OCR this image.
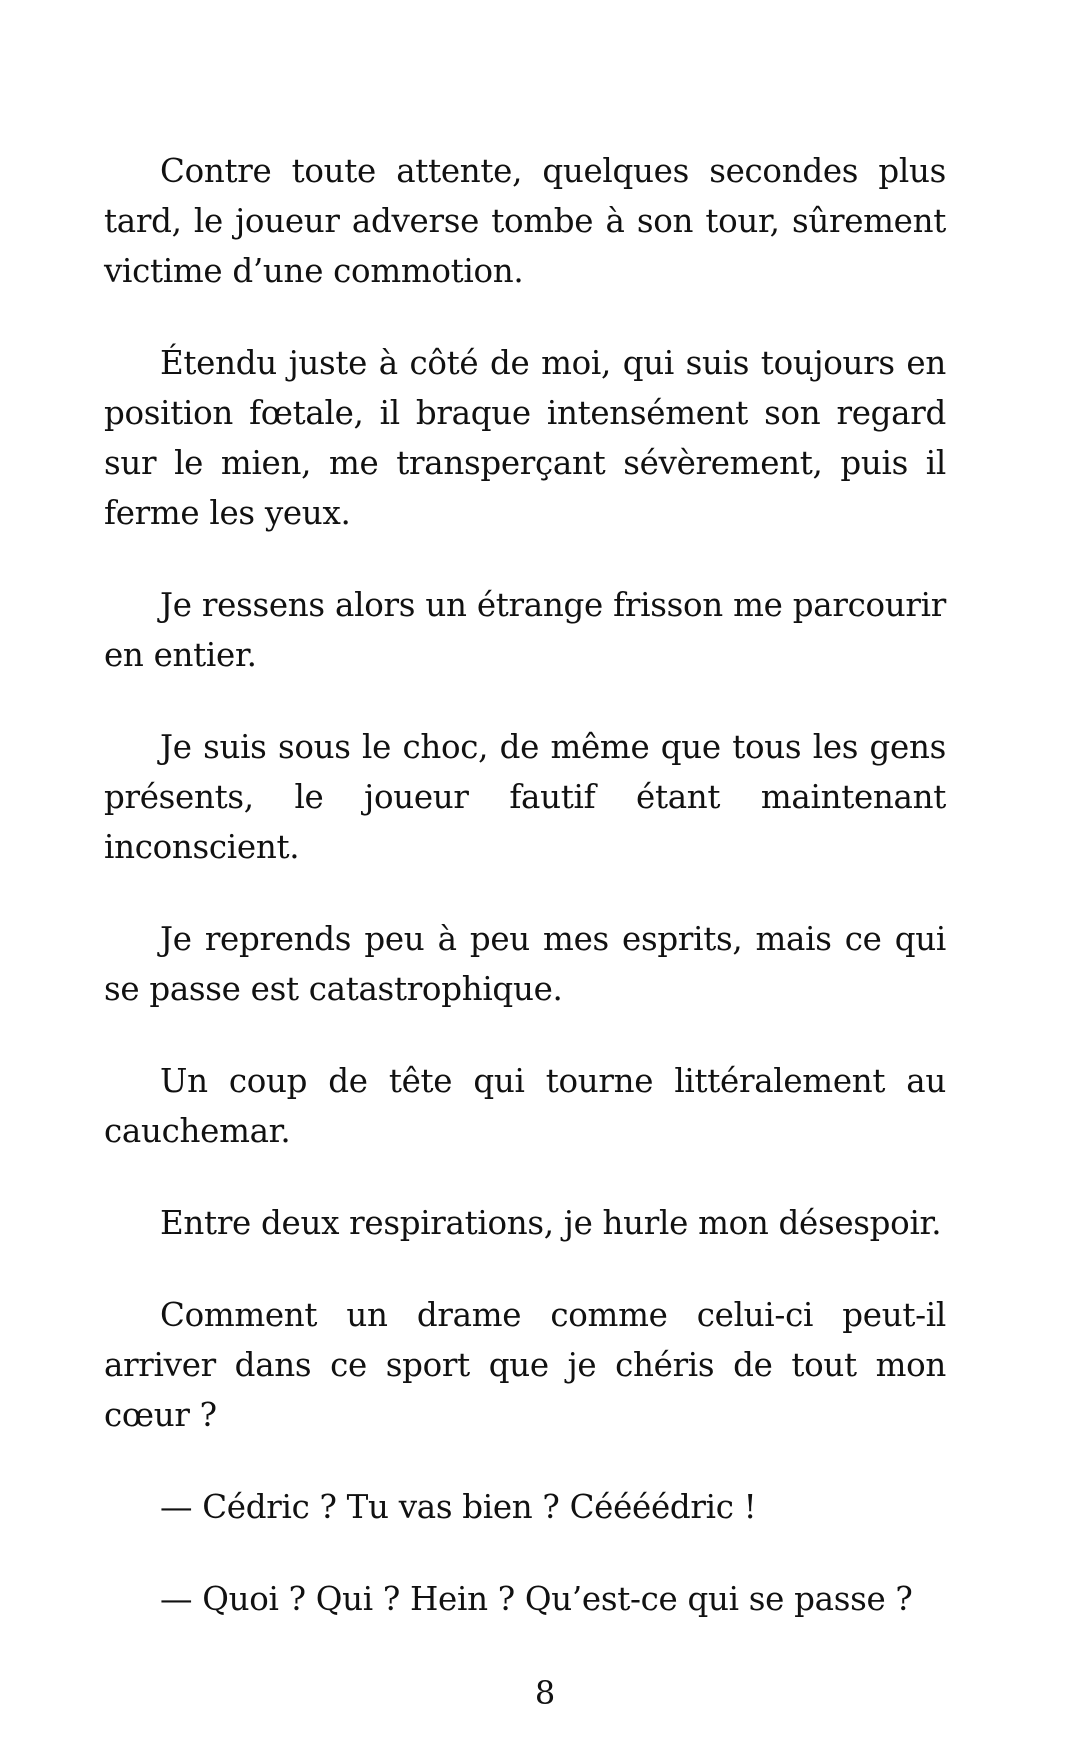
Contre toute attente, quelques secondes plus tard, le joueur adverse tombe à son tour, sûrement victime d’une commotion.

Étendu juste à côté de moi, qui suis toujours en position fœtale, il braque intensément son regard sur le mien, me transperçant sévèrement, puis il ferme les yeux.

Je ressens alors un étrange frisson me parcourir en entier.

Je suis sous le choc, de même que tous les gens présents, le joueur fautif étant maintenant inconscient.

Je reprends peu à peu mes esprits, mais ce qui se passe est catastrophique.

Un coup de tête qui tourne littéralement au cauchemar.

Entre deux respirations, je hurle mon désespoir.

Comment un drame comme celui-ci peut-il arriver dans ce sport que je chéris de tout mon cœur ?

— Cédric ? Tu vas bien ? Céééédric !

— Quoi ? Qui ? Hein ? Qu’est-ce qui se passe ?

8
